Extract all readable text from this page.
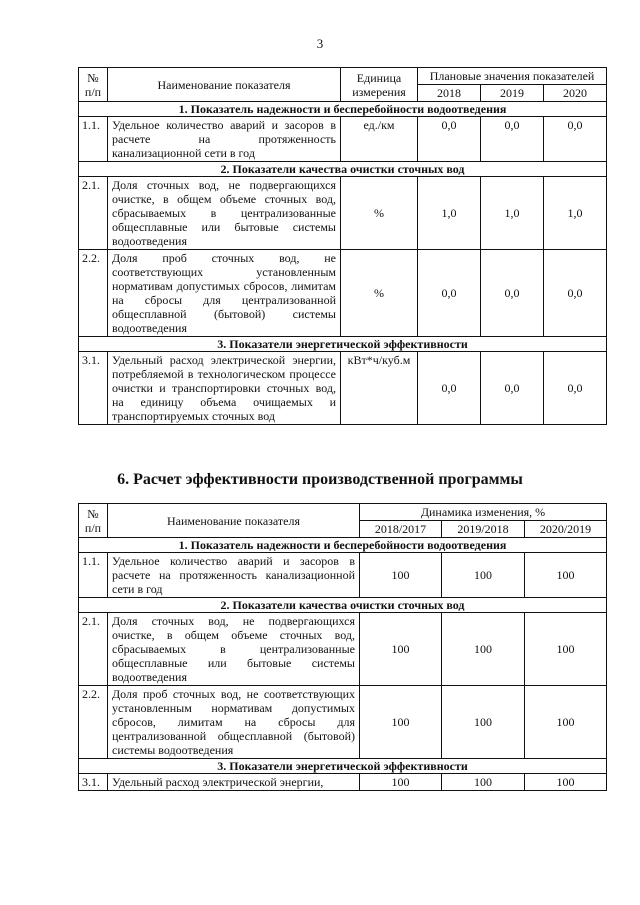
3
№ п/п	Наименование показателя	Единица измерения	Плановые значения показателей		
			2018	2019	2020
1. Показатель надежности и бесперебойности водоотведения					
1.1.	Удельное количество аварий и засоров в расчете на протяженность канализационной сети в год	ед./км	0,0	0,0	0,0
2. Показатели качества очистки сточных вод					
2.1.	Доля сточных вод, не подвергающихся очистке, в общем объеме сточных вод, сбрасываемых в централизованные общесплавные или бытовые системы водоотведения	%	1,0	1,0	1,0
2.2.	Доля проб сточных вод, не соответствующих установленным нормативам допустимых сбросов, лимитам на сбросы для централизованной общесплавной (бытовой) системы водоотведения	%	0,0	0,0	0,0
3. Показатели энергетической эффективности					
3.1.	Удельный расход электрической энергии, потребляемой в технологическом процессе очистки и транспортировки сточных вод, на единицу объема очищаемых и транспортируемых сточных вод	кВт*ч/куб.м	0,0	0,0	0,0
6. Расчет эффективности производственной программы
№ п/п	Наименование показателя	Динамика изменения, %		
		2018/2017	2019/2018	2020/2019
1. Показатель надежности и бесперебойности водоотведения				
1.1.	Удельное количество аварий и засоров в расчете на протяженность канализационной сети в год	100	100	100
2. Показатели качества очистки сточных вод				
2.1.	Доля сточных вод, не подвергающихся очистке, в общем объеме сточных вод, сбрасываемых в централизованные общесплавные или бытовые системы водоотведения	100	100	100
2.2.	Доля проб сточных вод, не соответствующих установленным нормативам допустимых сбросов, лимитам на сбросы для централизованной общесплавной (бытовой) системы водоотведения	100	100	100
3. Показатели энергетической эффективности				
3.1.	Удельный расход электрической энергии,	100	100	100
